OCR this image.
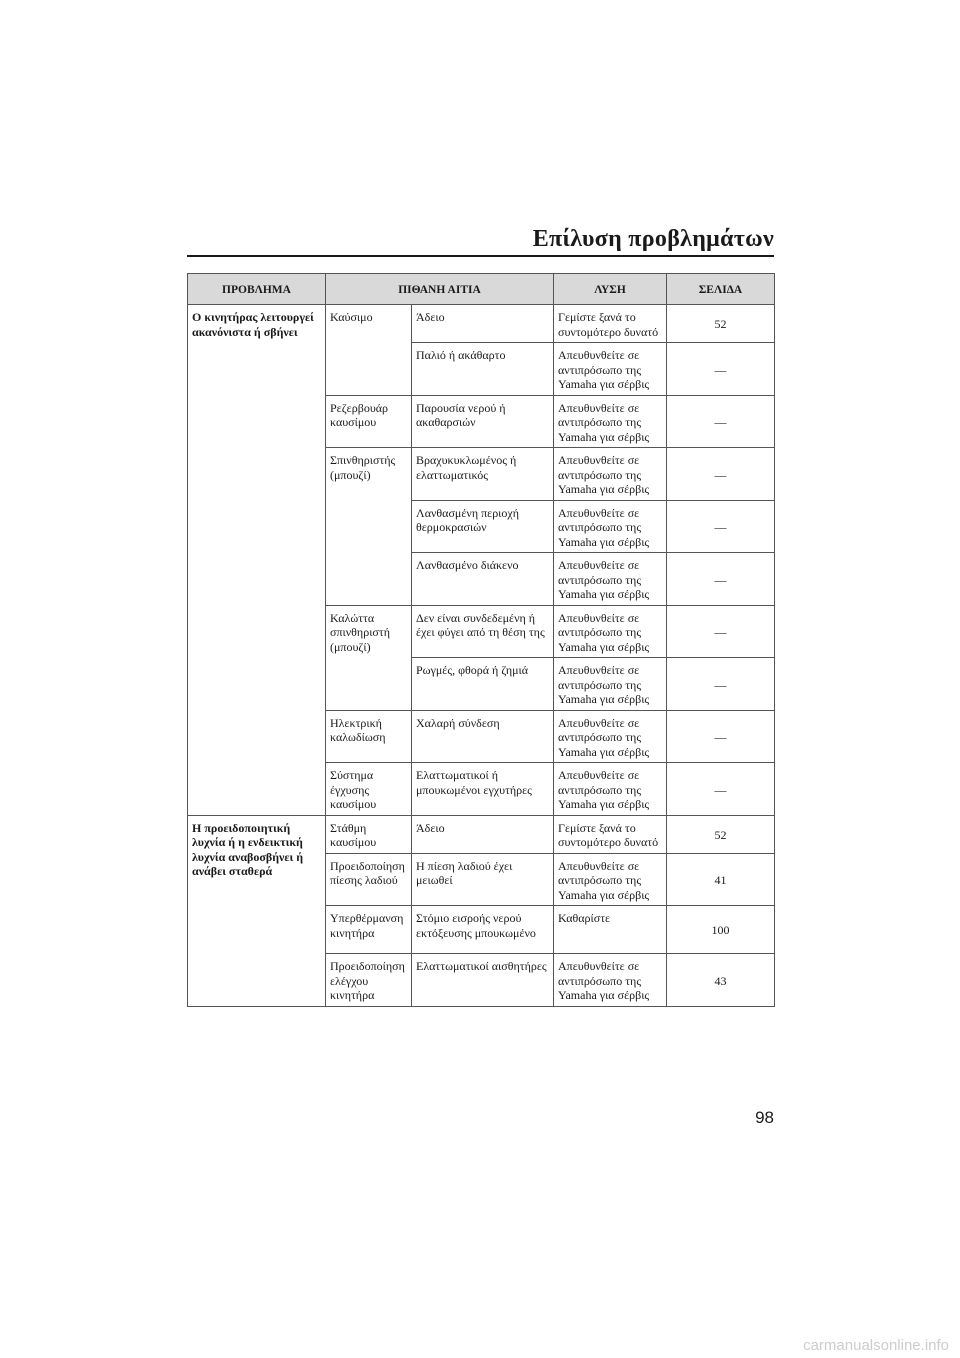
Επίλυση προβλημάτων
ΠΡΟΒΛΗΜΑ	ΠΙΘΑΝΗ ΑΙΤΙΑ		ΛΥΣΗ	ΣΕΛΙΔΑ
Ο κινητήρας λειτουργεί ακανόνιστα ή σβήνει	Καύσιμο	Άδειο	Γεμίστε ξανά το συντομότερο δυνατό	52
		Παλιό ή ακάθαρτο	Απευθυνθείτε σε αντιπρόσωπο της Yamaha για σέρβις	—
	Ρεζερβουάρ καυσίμου	Παρουσία νερού ή ακαθαρσιών	Απευθυνθείτε σε αντιπρόσωπο της Yamaha για σέρβις	—
	Σπινθηριστής (μπουζί)	Βραχυκυκλωμένος ή ελαττωματικός	Απευθυνθείτε σε αντιπρόσωπο της Yamaha για σέρβις	—
		Λανθασμένη περιοχή θερμοκρασιών	Απευθυνθείτε σε αντιπρόσωπο της Yamaha για σέρβις	—
		Λανθασμένο διάκενο	Απευθυνθείτε σε αντιπρόσωπο της Yamaha για σέρβις	—
	Καλώττα σπινθηριστή (μπουζί)	Δεν είναι συνδεδεμένη ή έχει φύγει από τη θέση της	Απευθυνθείτε σε αντιπρόσωπο της Yamaha για σέρβις	—
		Ρωγμές, φθορά ή ζημιά	Απευθυνθείτε σε αντιπρόσωπο της Yamaha για σέρβις	—
	Ηλεκτρική καλωδίωση	Χαλαρή σύνδεση	Απευθυνθείτε σε αντιπρόσωπο της Yamaha για σέρβις	—
	Σύστημα έγχυσης καυσίμου	Ελαττωματικοί ή μπουκωμένοι εγχυτήρες	Απευθυνθείτε σε αντιπρόσωπο της Yamaha για σέρβις	—
Η προειδοποιητική λυχνία ή η ενδεικτική λυχνία αναβοσβήνει ή ανάβει σταθερά	Στάθμη καυσίμου	Άδειο	Γεμίστε ξανά το συντομότερο δυνατό	52
	Προειδοποίηση πίεσης λαδιού	Η πίεση λαδιού έχει μειωθεί	Απευθυνθείτε σε αντιπρόσωπο της Yamaha για σέρβις	41
	Υπερθέρμανση κινητήρα	Στόμιο εισροής νερού εκτόξευσης μπουκωμένο	Καθαρίστε	100
	Προειδοποίηση ελέγχου κινητήρα	Ελαττωματικοί αισθητήρες	Απευθυνθείτε σε αντιπρόσωπο της Yamaha για σέρβις	43
98
carmanualsonline.info
